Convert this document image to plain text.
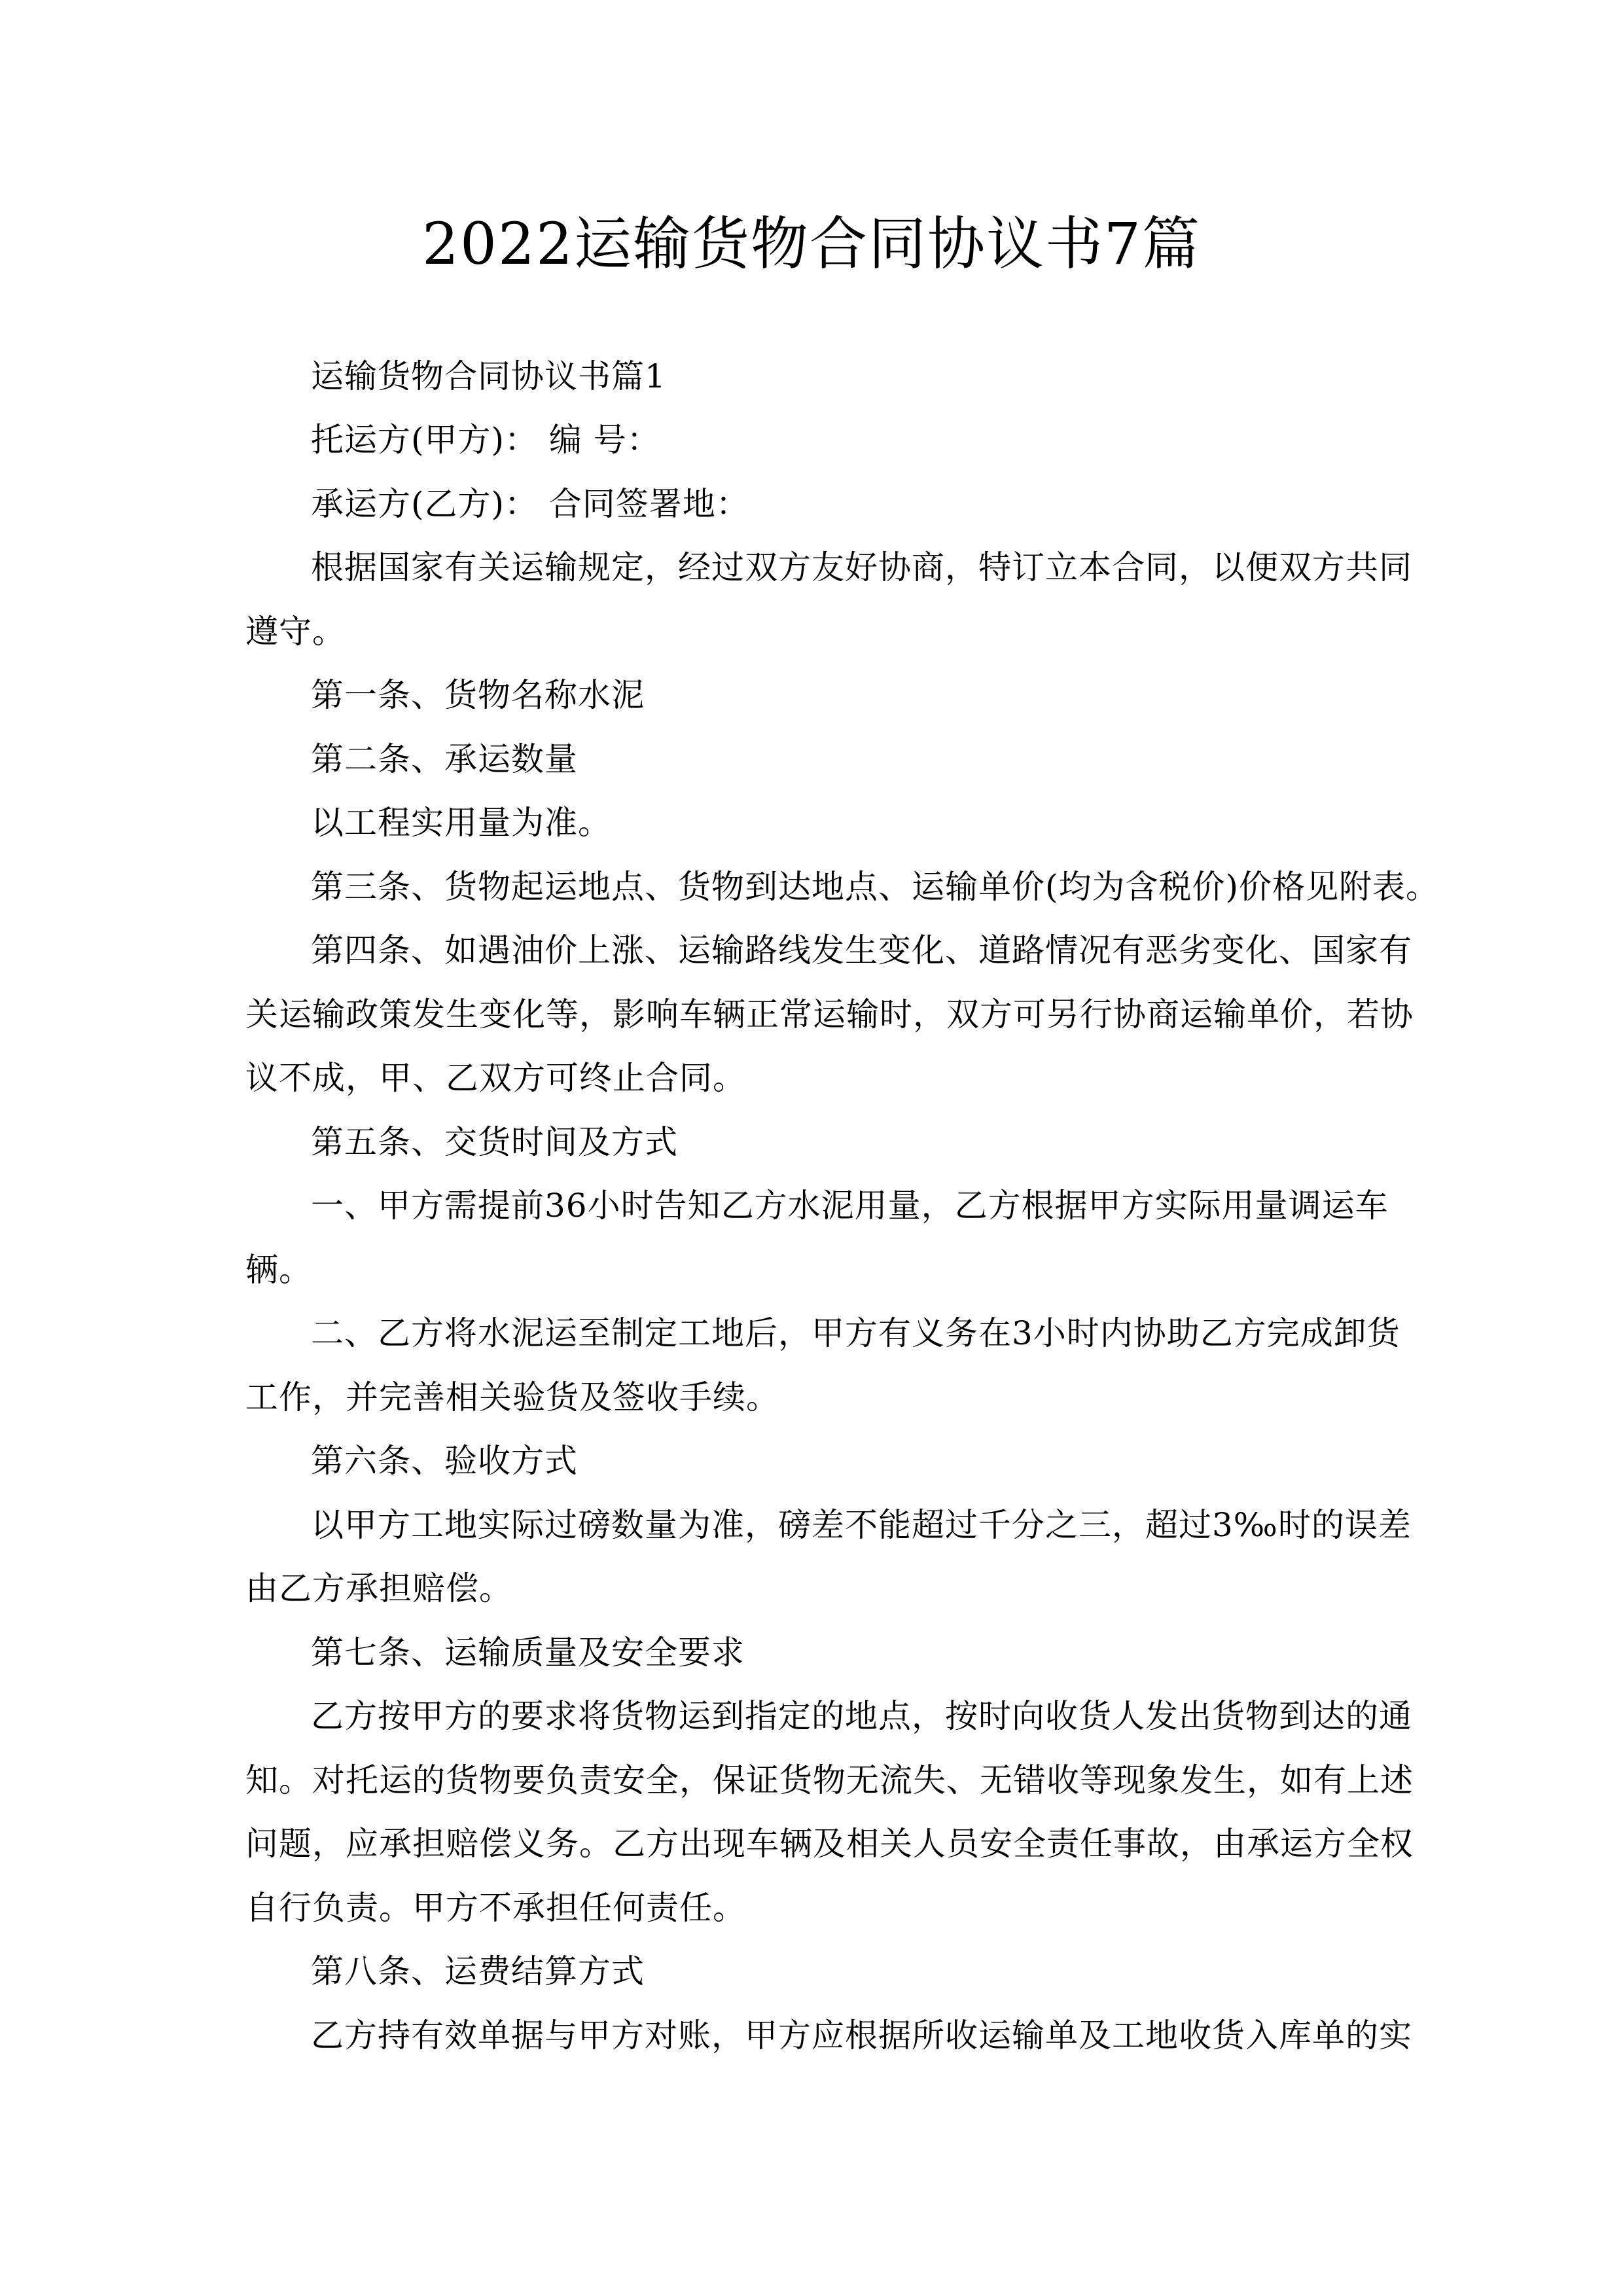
2022运输货物合同协议书7篇
运输货物合同协议书篇1
托运方(甲方)： 编 号：
承运方(乙方)： 合同签署地：
根据国家有关运输规定，经过双方友好协商，特订立本合同，以便双方共同
遵守。
第一条、货物名称水泥
第二条、承运数量
以工程实用量为准。
第三条、货物起运地点、货物到达地点、运输单价(均为含税价)价格见附表。
第四条、如遇油价上涨、运输路线发生变化、道路情况有恶劣变化、国家有
关运输政策发生变化等，影响车辆正常运输时，双方可另行协商运输单价，若协
议不成，甲、乙双方可终止合同。
第五条、交货时间及方式
一、甲方需提前36小时告知乙方水泥用量，乙方根据甲方实际用量调运车
辆。
二、乙方将水泥运至制定工地后，甲方有义务在3小时内协助乙方完成卸货
工作，并完善相关验货及签收手续。
第六条、验收方式
以甲方工地实际过磅数量为准，磅差不能超过千分之三，超过3‰时的误差
由乙方承担赔偿。
第七条、运输质量及安全要求
乙方按甲方的要求将货物运到指定的地点，按时向收货人发出货物到达的通
知。对托运的货物要负责安全，保证货物无流失、无错收等现象发生，如有上述
问题，应承担赔偿义务。乙方出现车辆及相关人员安全责任事故，由承运方全权
自行负责。甲方不承担任何责任。
第八条、运费结算方式
乙方持有效单据与甲方对账，甲方应根据所收运输单及工地收货入库单的实
